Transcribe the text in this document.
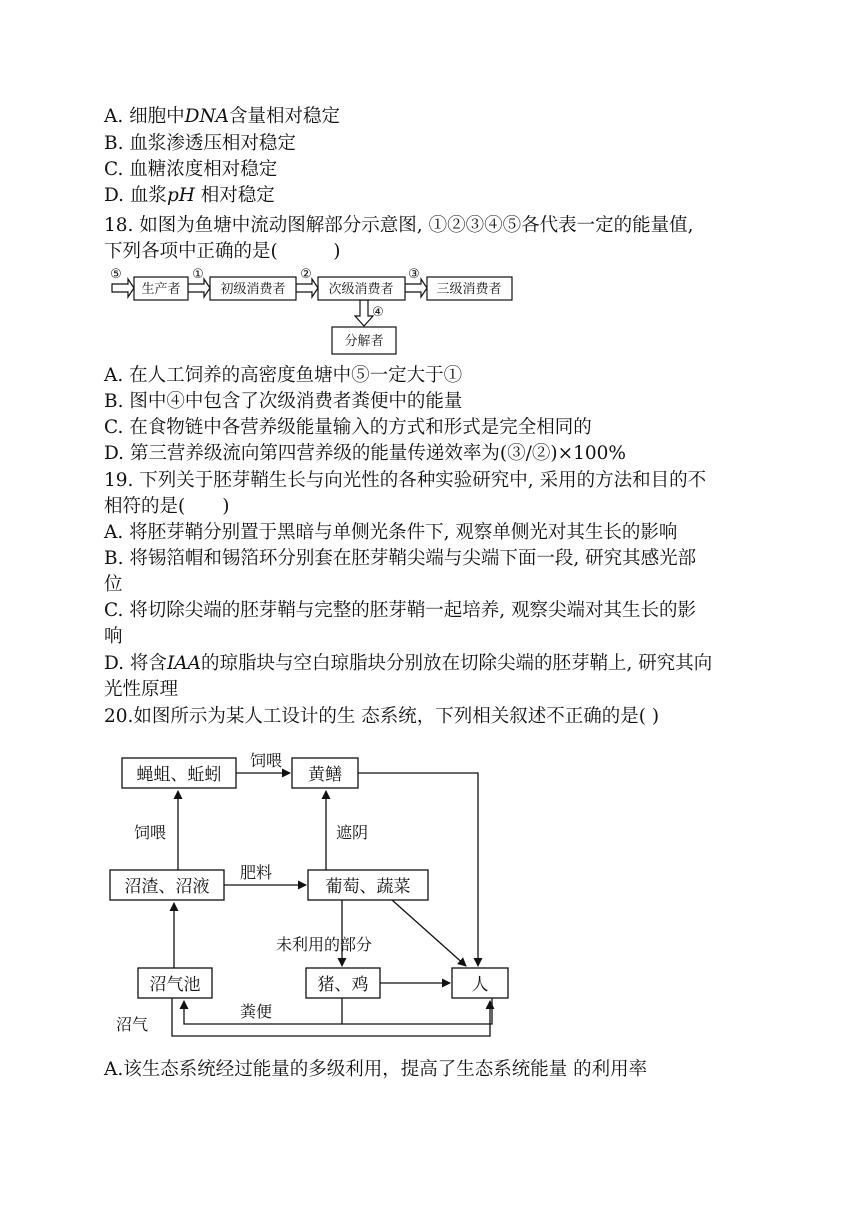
A. 细胞中DNA含量相对稳定
B. 血浆渗透压相对稳定
C. 血糖浓度相对稳定
D. 血浆pH 相对稳定
18. 如图为鱼塘中流动图解部分示意图, ①②③④⑤各代表一定的能量值,
下列各项中正确的是(　　　)
生产者	初级消费者	次级消费者	三级消费者
分解者
⑤	①	②	③
④
A. 在人工饲养的高密度鱼塘中⑤一定大于①
B. 图中④中包含了次级消费者粪便中的能量
C. 在食物链中各营养级能量输入的方式和形式是完全相同的
D. 第三营养级流向第四营养级的能量传递效率为(③/②)×100%
19. 下列关于胚芽鞘生长与向光性的各种实验研究中, 采用的方法和目的不
相符的是(　　)
A. 将胚芽鞘分别置于黑暗与单侧光条件下, 观察单侧光对其生长的影响
B. 将锡箔帽和锡箔环分别套在胚芽鞘尖端与尖端下面一段, 研究其感光部
位
C. 将切除尖端的胚芽鞘与完整的胚芽鞘一起培养, 观察尖端对其生长的影
响
D. 将含IAA的琼脂块与空白琼脂块分别放在切除尖端的胚芽鞘上, 研究其向
光性原理
20.如图所示为某人工设计的生 态系统，下列相关叙述不正确的是( )
蝇蛆、蚯蚓	黄鳝
沼渣、沼液	葡萄、蔬菜
沼气池	猪、鸡	人
饲喂
饲喂	遮阴
肥料
未利用的部分
粪便
沼气
A.该生态系统经过能量的多级利用，提高了生态系统能量 的利用率
